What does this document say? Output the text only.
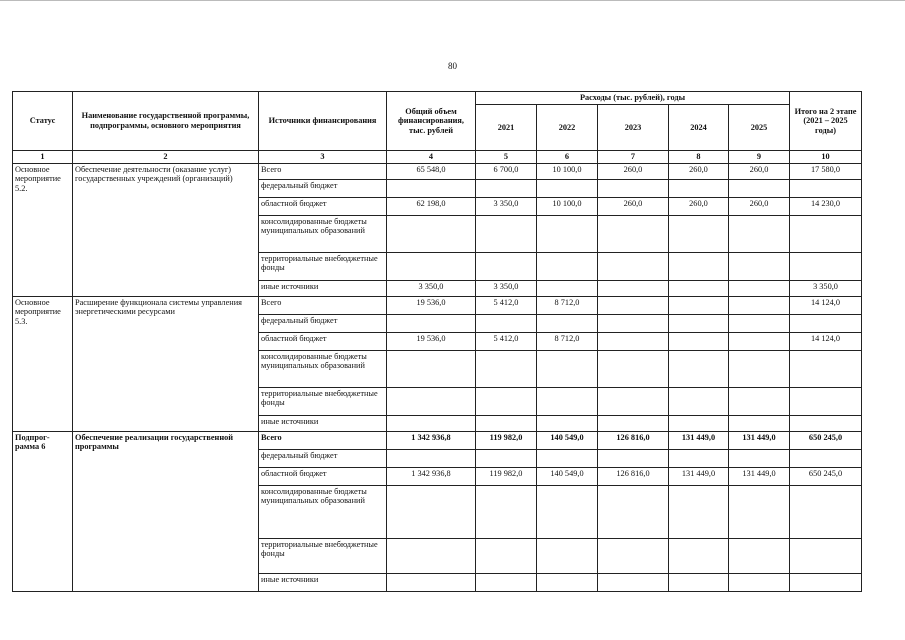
80
Статус	Наименование государственной программы, подпрограммы, основного мероприятия	Источники финансирования	Общий объем финансирования, тыс. рублей	Расходы (тыс. рублей), годы					Итого на 2 этапе (2021 – 2025 годы)
				2021	2022	2023	2024	2025	
1	2	3	4	5	6	7	8	9	10
Основное мероприятие 5.2.	Обеспечение деятельности (оказание услуг) государственных учреждений (организаций)	Всего	65 548,0	6 700,0	10 100,0	260,0	260,0	260,0	17 580,0
		федеральный бюджет							
		областной бюджет	62 198,0	3 350,0	10 100,0	260,0	260,0	260,0	14 230,0
		консолидированные бюджеты муниципальных образований							
		территориальные внебюджетные фонды							
		иные источники	3 350,0	3 350,0					3 350,0
Основное мероприятие 5.3.	Расширение функционала системы управления энергетическими ресурсами	Всего	19 536,0	5 412,0	8 712,0				14 124,0
		федеральный бюджет							
		областной бюджет	19 536,0	5 412,0	8 712,0				14 124,0
		консолидированные бюджеты муниципальных образований							
		территориальные внебюджетные фонды							
		иные источники							
Подпрог- рамма 6	Обеспечение реализации государственной программы	Всего	1 342 936,8	119 982,0	140 549,0	126 816,0	131 449,0	131 449,0	650 245,0
		федеральный бюджет							
		областной бюджет	1 342 936,8	119 982,0	140 549,0	126 816,0	131 449,0	131 449,0	650 245,0
		консолидированные бюджеты муниципальных образований							
		территориальные внебюджетные фонды							
		иные источники							
